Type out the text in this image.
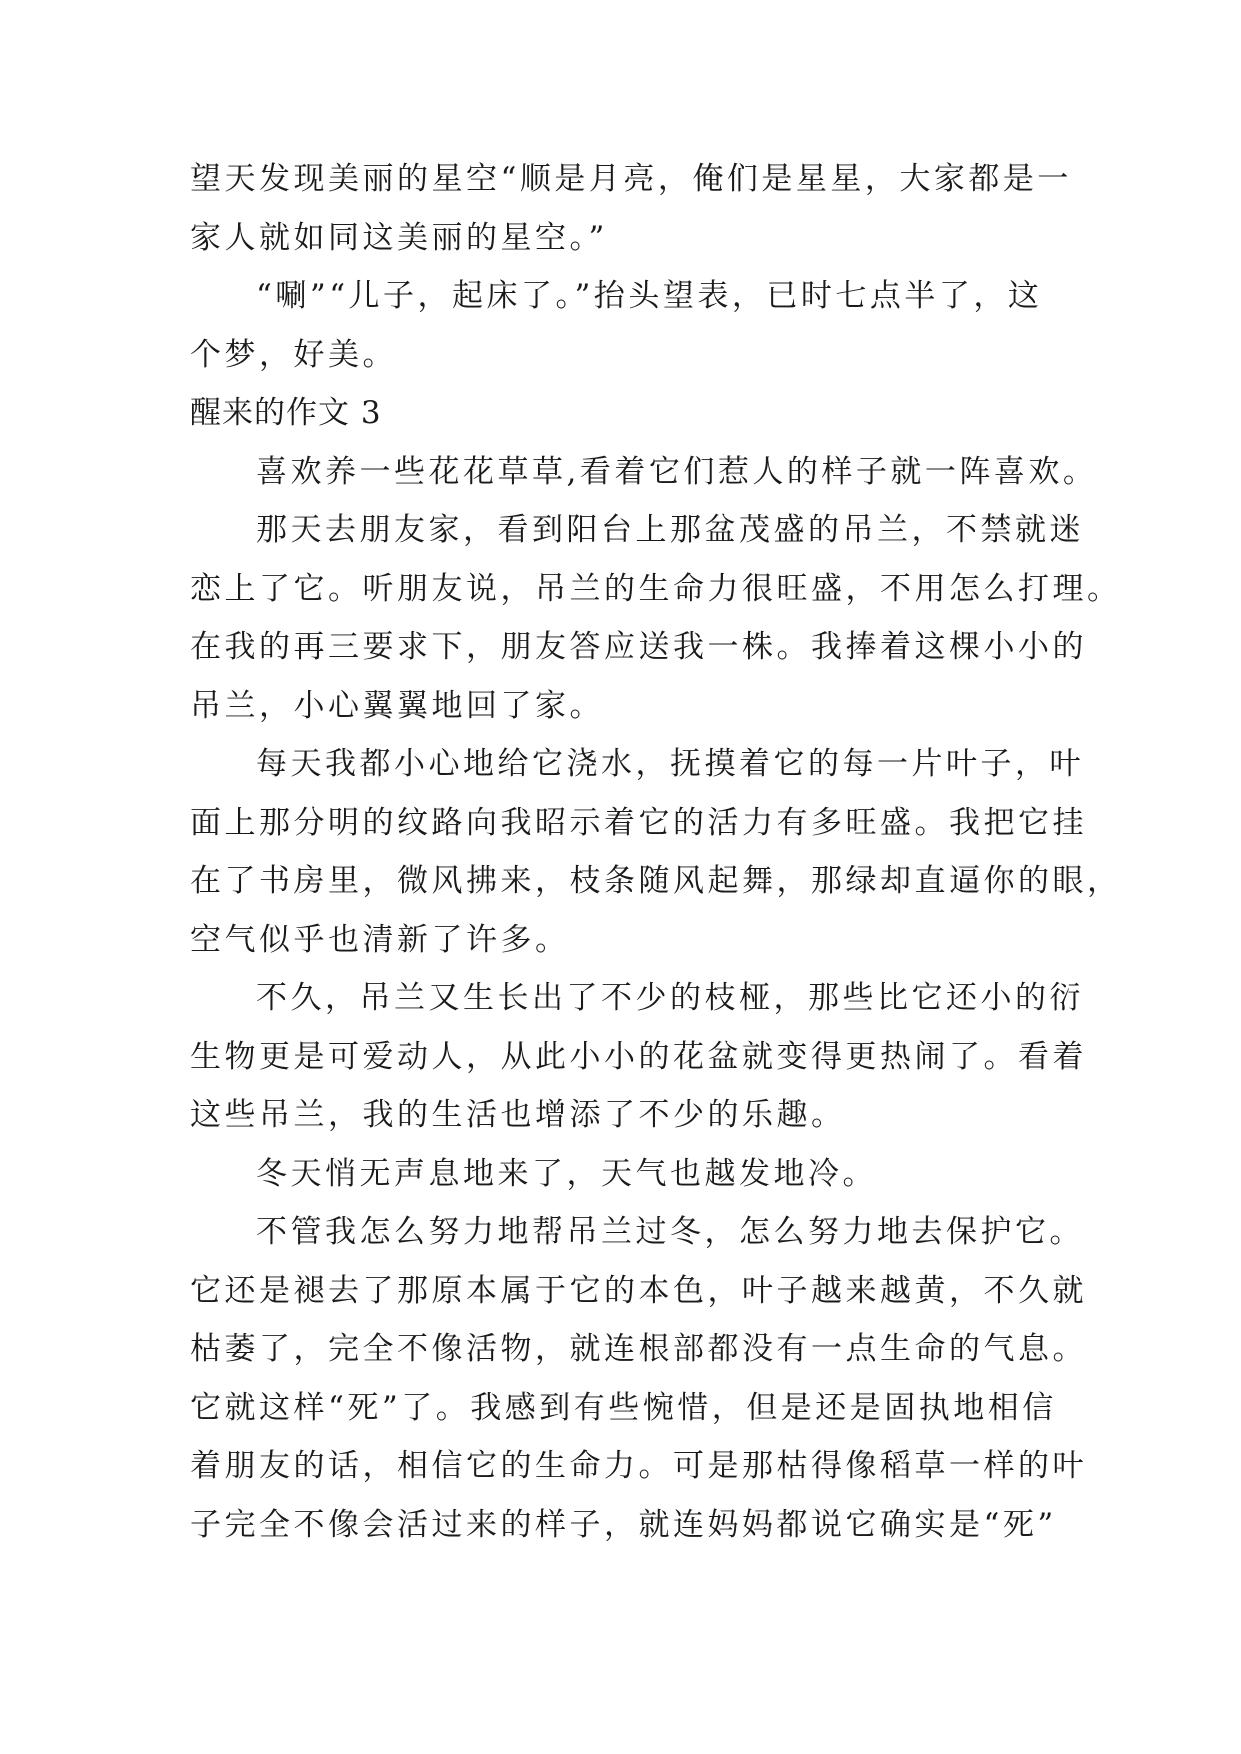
望天发现美丽的星空“顺是月亮，俺们是星星，大家都是一
家人就如同这美丽的星空。”
“唰”“儿子，起床了。”抬头望表，已时七点半了，这
个梦，好美。
醒来的作文 3
喜欢养一些花花草草,看着它们惹人的样子就一阵喜欢。
那天去朋友家，看到阳台上那盆茂盛的吊兰，不禁就迷
恋上了它。听朋友说，吊兰的生命力很旺盛，不用怎么打理。
在我的再三要求下，朋友答应送我一株。我捧着这棵小小的
吊兰，小心翼翼地回了家。
每天我都小心地给它浇水，抚摸着它的每一片叶子，叶
面上那分明的纹路向我昭示着它的活力有多旺盛。我把它挂
在了书房里，微风拂来，枝条随风起舞，那绿却直逼你的眼，
空气似乎也清新了许多。
不久，吊兰又生长出了不少的枝桠，那些比它还小的衍
生物更是可爱动人，从此小小的花盆就变得更热闹了。看着
这些吊兰，我的生活也增添了不少的乐趣。
冬天悄无声息地来了，天气也越发地冷。
不管我怎么努力地帮吊兰过冬，怎么努力地去保护它。
它还是褪去了那原本属于它的本色，叶子越来越黄，不久就
枯萎了，完全不像活物，就连根部都没有一点生命的气息。
它就这样“死”了。我感到有些惋惜，但是还是固执地相信
着朋友的话，相信它的生命力。可是那枯得像稻草一样的叶
子完全不像会活过来的样子，就连妈妈都说它确实是“死”
